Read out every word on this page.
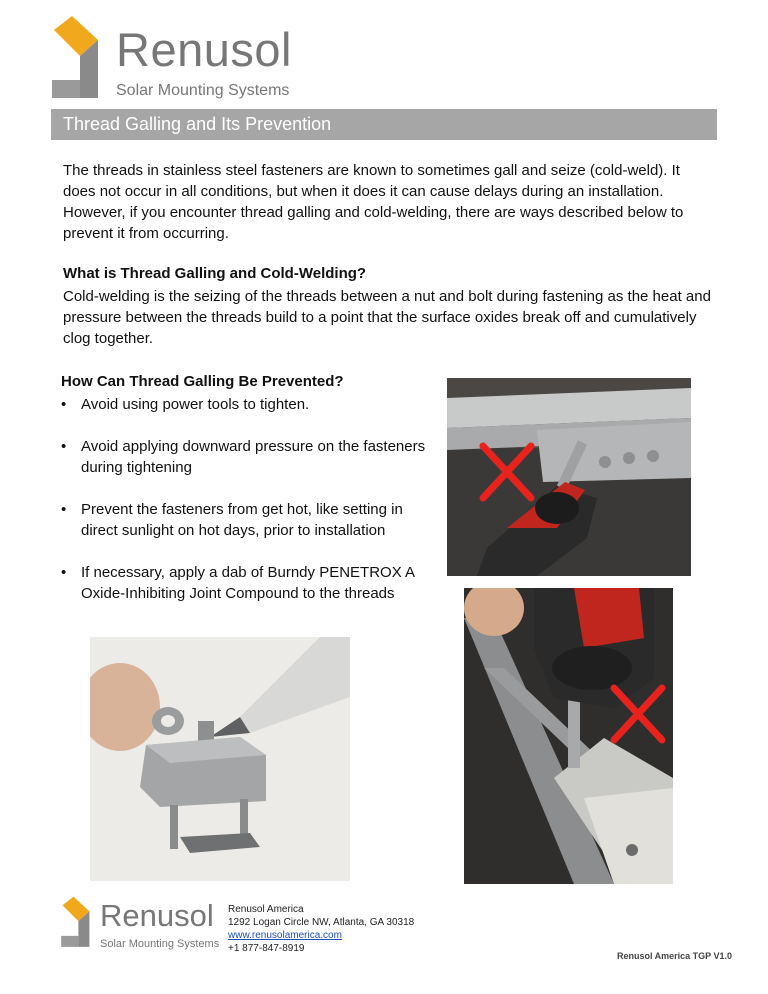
Renusol
Solar Mounting Systems
Thread Galling and Its Prevention

The threads in stainless steel fasteners are known to sometimes gall and seize (cold-weld). It does not occur in all conditions, but when it does it can cause delays during an installation. However, if you encounter thread galling and cold-welding, there are ways described below to prevent it from occurring.

What is Thread Galling and Cold-Welding?

Cold-welding is the seizing of the threads between a nut and bolt during fastening as the heat and pressure between the threads build to a point that the surface oxides break off and cumulatively clog together.

How Can Thread Galling Be Prevented?

• Avoid using power tools to tighten.
• Avoid applying downward pressure on the fasteners during tightening
• Prevent the fasteners from get hot, like setting in direct sunlight on hot days, prior to installation
• If necessary, apply a dab of Burndy PENETROX A Oxide-Inhibiting Joint Compound to the threads
Renusol
Solar Mounting Systems
Renusol America
1292 Logan Circle NW, Atlanta, GA 30318
www.renusolamerica.com
+1 877-847-8919
Renusol America TGP V1.0
